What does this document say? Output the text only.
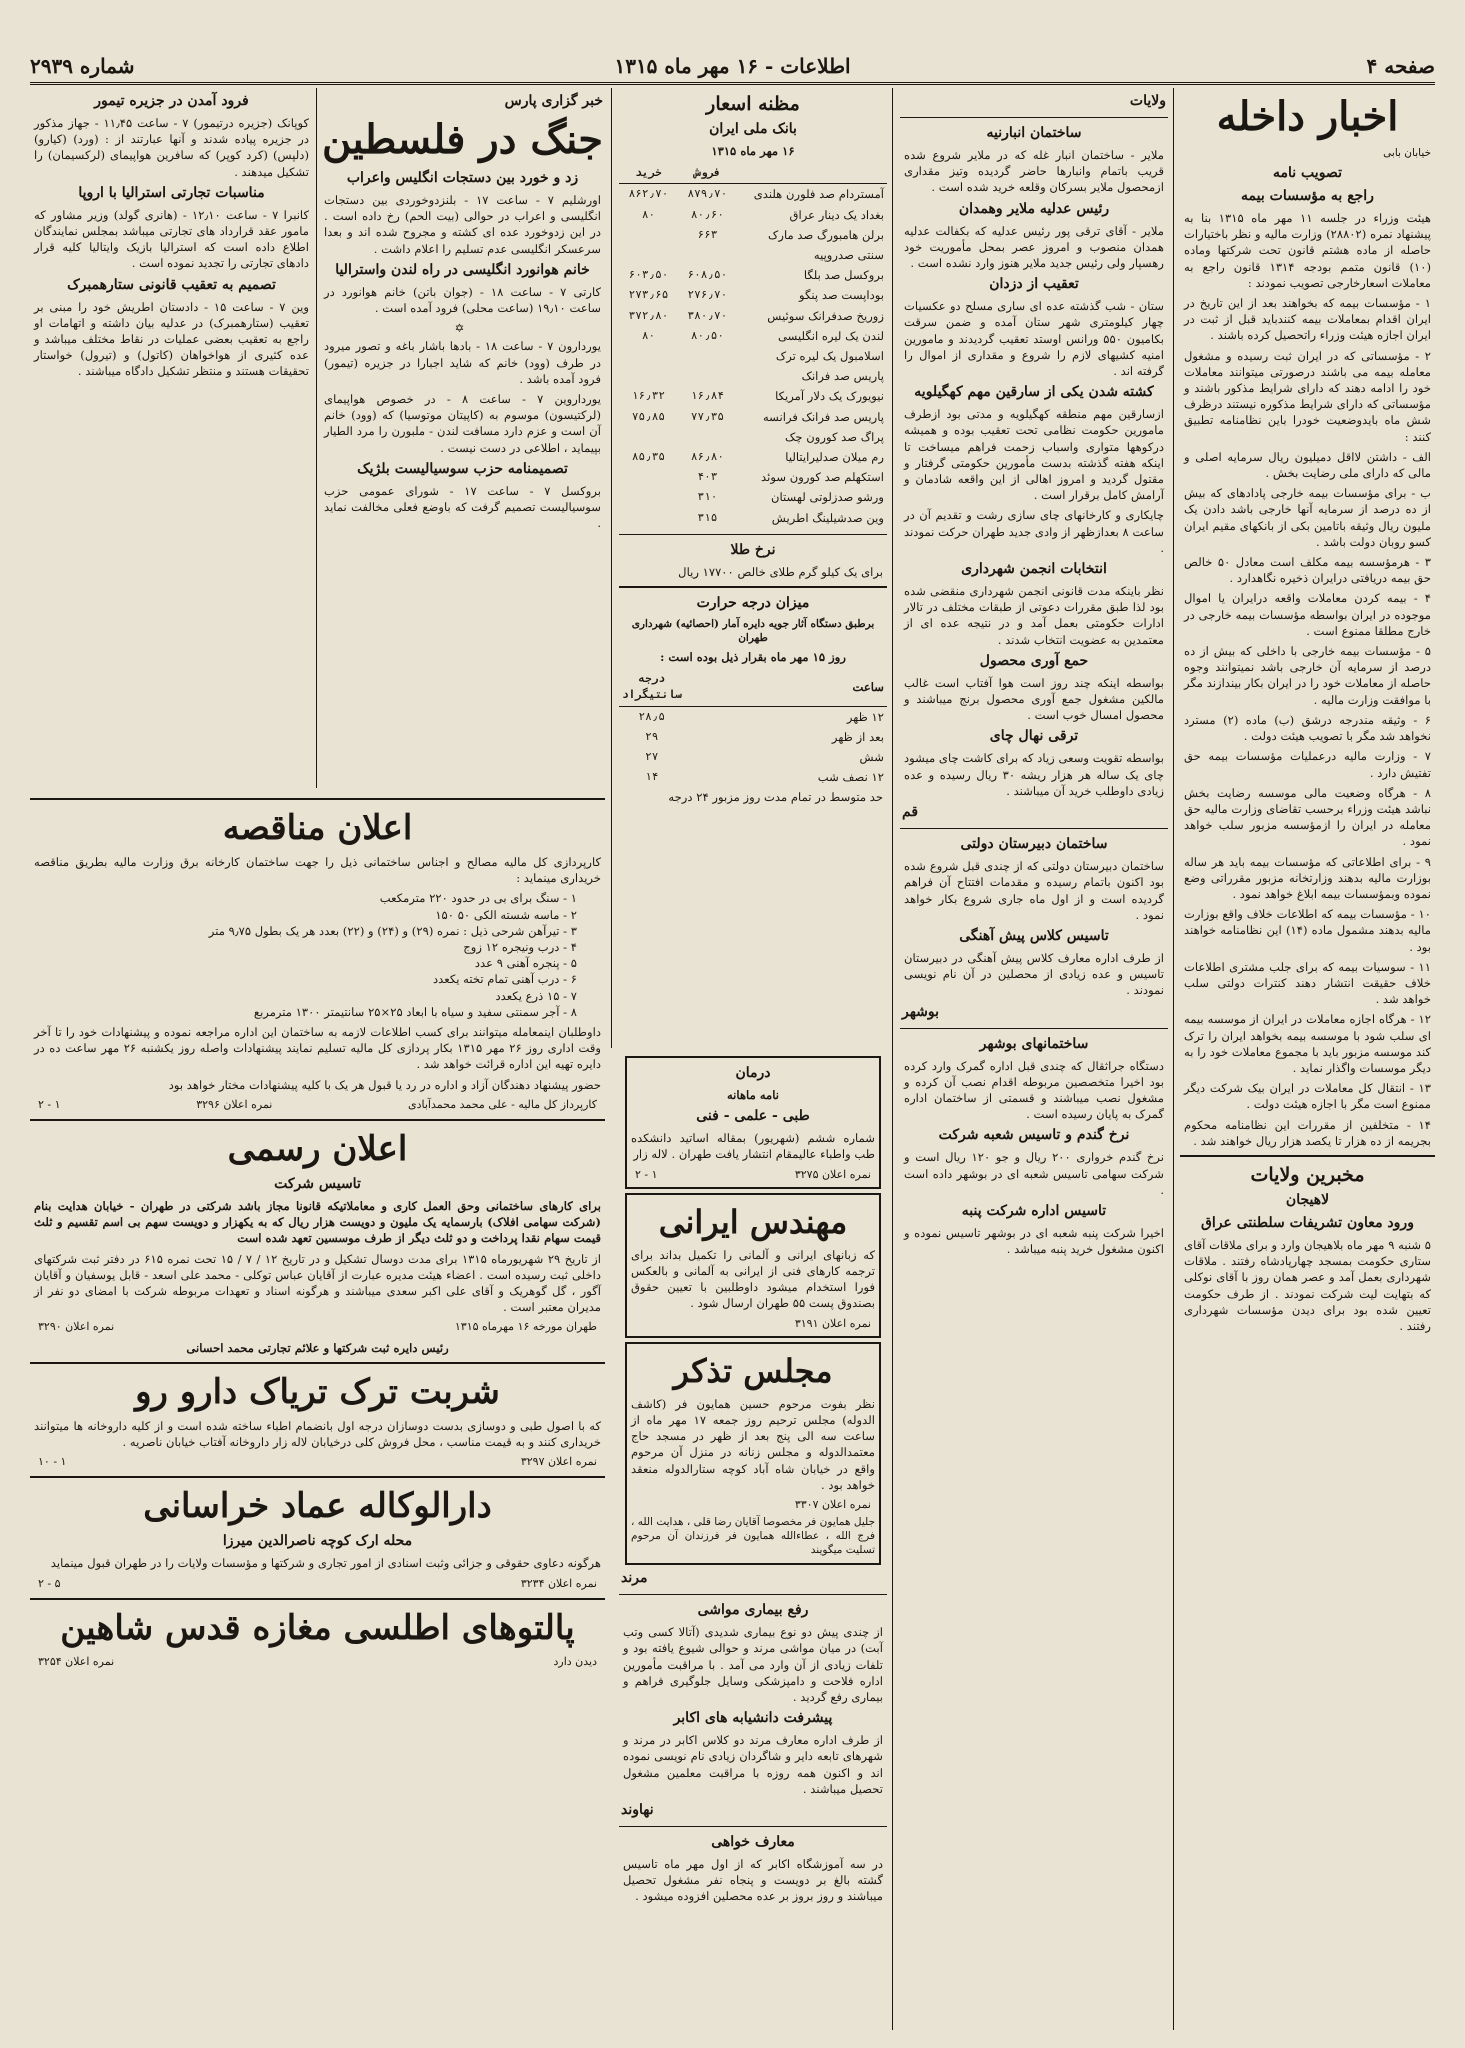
صفحه ۴
اطلاعات - ۱۶ مهر ماه ۱۳۱۵
شماره ۲۹۳۹
اخبار داخله
خیابان بابی
تصویب نامه
راجع به مؤسسات بیمه

هیئت وزراء در جلسه ۱۱ مهر ماه ۱۳۱۵ بنا به پیشنهاد نمره (۲۸۸۰۲) وزارت مالیه و نظر باختیارات حاصله از ماده هشتم قانون تحت شرکتها وماده (۱۰) قانون متمم بودجه ۱۳۱۴ قانون راجع به معاملات اسعارخارجی تصویب نمودند :

۱ - مؤسسات بیمه که بخواهند بعد از این تاریخ در ایران اقدام بمعاملات بیمه کنندباید قبل از ثبت در ایران اجازه هیئت وزراء راتحصیل کرده باشند .

۲ - مؤسساتی که در ایران ثبت رسیده و مشغول معامله بیمه می باشند درصورتی میتوانند معاملات خود را ادامه دهند که دارای شرایط مذکور باشند و مؤسساتی که دارای شرایط مذکوره نیستند درظرف شش ماه بایدوضعیت خودرا باین نظامنامه تطبیق کنند :

الف - داشتن لااقل دمیلیون ریال سرمایه اصلی و مالی که دارای ملی رضایت بخش .

ب - برای مؤسسات بیمه خارجی پادادهای که بیش از ده درصد از سرمایه آنها خارجی باشد دادن یک ملیون ریال وثیقه باتامین بکی از بانکهای مقیم ایران کسو روبان دولت باشد .

۳ - هرمؤسسه بیمه مکلف است معادل ۵۰ خالص حق بیمه دریافتی درایران ذخیره نگاهدارد .

۴ - بیمه کردن معاملات واقعه درایران یا اموال موجوده در ایران بواسطه مؤسسات بیمه خارجی در خارج مطلقا ممنوع است .

۵ - مؤسسات بیمه خارجی با داخلی که بیش از ده درصد از سرمایه آن خارجی باشد نمیتوانند وجوه حاصله از معاملات خود را در ایران بکار بیندازند مگر با موافقت وزارت مالیه .

۶ - وثیقه مندرجه درشق (ب) ماده (۲) مسترد نخواهد شد مگر با تصویب هیئت دولت .

۷ - وزارت مالیه درعملیات مؤسسات بیمه حق تفتیش دارد .

۸ - هرگاه وضعیت مالی موسسه رضایت بخش نباشد هیئت وزراء برحسب تقاضای وزارت مالیه حق معامله در ایران را ازمؤسسه مزبور سلب خواهد نمود .

۹ - برای اطلاعاتی که مؤسسات بیمه باید هر ساله بوزارت مالیه بدهند وزارتخانه مزبور مقرراتی وضع نموده وبمؤسسات بیمه ابلاغ خواهد نمود .

۱۰ - مؤسسات بیمه که اطلاعات خلاف واقع بوزارت مالیه بدهند مشمول ماده (۱۴) این نظامنامه خواهند بود .

۱۱ - سوسیات بیمه که برای جلب مشتری اطلاعات خلاف حقیقت انتشار دهند کنترات دولتی سلب خواهد شد .

۱۲ - هرگاه اجازه معاملات در ایران از موسسه بیمه ای سلب شود با موسسه بیمه بخواهد ایران را ترک کند موسسه مزبور باید با مجموع معاملات خود را به دیگر موسسات واگذار نماید .

۱۳ - انتقال کل معاملات در ایران بیک شرکت دیگر ممنوع است مگر با اجازه هیئت دولت .

۱۴ - متخلفین از مقررات این نظامنامه محکوم بجریمه از ده هزار تا یکصد هزار ریال خواهند شد .

مخبرین ولایات
لاهیجان
ورود معاون تشریفات سلطنتی عراق

۵ شنبه ۹ مهر ماه بلاهیجان وارد و برای ملاقات آقای ستاری حکومت بمسجد چهارپادشاه رفتند . ملاقات شهرداری بعمل آمد و عصر همان روز با آقای نوکلی که بتهایت لیت شرکت نمودند . از طرف حکومت تعیین شده بود برای دیدن مؤسسات شهرداری رفتند .

ولایات
ساختمان انبارنیه

ملایر - ساختمان انبار غله که در ملایر شروع شده قریب باتمام وانبارها حاضر گردیده وتیز مقداری ازمحصول ملایر بسرکان وقلعه خرید شده است .

رئیس عدلیه ملایر وهمدان

ملایر - آقای ترقی پور رئیس عدلیه که بکفالت عدلیه همدان منصوب و امروز عصر بمحل مأموریت خود رهسپار ولی رئیس جدید ملایر هنوز وارد نشده است .

تعقیب از دزدان

ستان - شب گذشته عده ای ساری مسلح دو عکسیات چهار کیلومتری شهر ستان آمده و ضمن سرقت بکامیون ۵۵۰ ورانس اوستد تعقیب گردیدند و مامورین امنیه کشیهای لازم را شروع و مقداری از اموال را گرفته اند .

کشته شدن یکی از سارقین مهم کهگیلویه

ازسارقین مهم منطقه کهگیلویه و مدتی بود ازطرف مامورین حکومت نظامی تحت تعقیب بوده و همیشه درکوهها متواری واسباب زحمت فراهم میساخت تا اینکه هفته گذشته بدست مأمورین حکومتی گرفتار و مقتول گردید و امروز اهالی از این واقعه شادمان و آرامش کامل برقرار است .

چایکاری و کارخانهای چای سازی رشت و تقدیم آن در ساعت ۸ بعدازظهر از وادی جدید طهران حرکت نمودند .

انتخابات انجمن شهرداری

نظر باینکه مدت قانونی انجمن شهرداری منقضی شده بود لذا طبق مقررات دعوتی از طبقات مختلف در تالار ادارات حکومتی بعمل آمد و در نتیجه عده ای از معتمدین به عضویت انتخاب شدند .

حمع آوری محصول

بواسطه اینکه چند روز است هوا آفتاب است غالب مالکین مشغول جمع آوری محصول برنج میباشند و محصول امسال خوب است .

ترقی نهال چای

بواسطه تقویت وسعی زیاد که برای کاشت چای میشود چای یک ساله هر هزار ریشه ۳۰ ریال رسیده و عده زیادی داوطلب خرید آن میباشند .

قم
ساختمان دبیرستان دولتی

ساختمان دبیرستان دولتی که از چندی قبل شروع شده بود اکنون باتمام رسیده و مقدمات افتتاح آن فراهم گردیده است و از اول ماه جاری شروع بکار خواهد نمود .

تاسیس کلاس پیش آهنگی

از طرف اداره معارف کلاس پیش آهنگی در دبیرستان تاسیس و عده زیادی از محصلین در آن نام نویسی نمودند .

بوشهر
ساختمانهای بوشهر

دستگاه جراثقال که چندی قبل اداره گمرک وارد کرده بود اخیرا متخصصین مربوطه اقدام نصب آن کرده و مشغول نصب میباشند و قسمتی از ساختمان اداره گمرک به پایان رسیده است .

نرخ گندم و تاسیس شعبه شرکت

نرخ گندم خرواری ۲۰۰ ریال و جو ۱۲۰ ریال است و شرکت سهامی تاسیس شعبه ای در بوشهر داده است .

تاسیس اداره شرکت پنبه

اخیرا شرکت پنبه شعبه ای در بوشهر تاسیس نموده و اکنون مشغول خرید پنبه میباشد .

مظنه اسعار
بانک ملی ایران
۱۶ مهر ماه ۱۳۱۵
	فروش	خرید
آمستردام صد فلورن هلندی	۸۷۹٫۷۰	۸۶۲٫۷۰
بغداد یک دینار عراق	۸۰٫۶۰	۸۰
برلن هامبورگ صد مارک	۶۶۳	
سنتی صدروپیه		
بروکسل صد بلگا	۶۰۸٫۵۰	۶۰۳٫۵۰
بوداپست صد پنگو	۲۷۶٫۷۰	۲۷۳٫۶۵
زوریخ صدفرانک سوئیس	۳۸۰٫۷۰	۳۷۲٫۸۰
لندن یک لیره انگلیسی	۸۰٫۵۰	۸۰
اسلامبول یک لیره ترک		
پاریس صد فرانک		
نیویورک یک دلار آمریکا	۱۶٫۸۴	۱۶٫۳۲
پاریس صد فرانک فرانسه	۷۷٫۳۵	۷۵٫۸۵
پراگ صد کورون چک		
رم میلان صدلیرایتالیا	۸۶٫۸۰	۸۵٫۳۵
استکهلم صد کورون سوئد	۴۰۳	
ورشو صدزلوتی لهستان	۳۱۰	
وین صدشیلینگ اطریش	۳۱۵	
نرخ طلا

برای یک کیلو گرم طلای خالص ۱۷۷۰۰ ریال

میزان درجه حرارت
برطبق دستگاه آثار جویه دایره آمار (احصائیه) شهرداری طهران
روز ۱۵ مهر ماه بقرار ذیل بوده است :
ساعت	درجه سانتیگراد
۱۲ ظهر	۲۸٫۵
بعد از ظهر	۲۹
شش	۲۷
۱۲ نصف شب	۱۴

حد متوسط در تمام مدت روز مزبور ۲۴ درجه

درمان
نامه ماهانه
طبی - علمی - فنی

شماره ششم (شهریور) بمقاله اساتید دانشکده طب واطباء عالیمقام انتشار یافت طهران . لاله زار

نمره اعلان ۳۲۷۵
۱ - ۲
مهندس ایرانی

که زبانهای ایرانی و آلمانی را تکمیل بداند برای ترجمه کارهای فنی از ایرانی به آلمانی و بالعکس فورا استخدام میشود داوطلبین با تعیین حقوق بصندوق پست ۵۵ طهران ارسال شود .

نمره اعلان ۳۱۹۱
مجلس تذکر

نظر بفوت مرحوم حسین همایون فر (کاشف الدوله) مجلس ترحیم روز جمعه ۱۷ مهر ماه از ساعت سه الی پنج بعد از ظهر در مسجد حاج معتمدالدوله و مجلس زنانه در منزل آن مرحوم واقع در خیابان شاه آباد کوچه ستارالدوله منعقد خواهد بود .

نمره اعلان ۳۳۰۷

جلیل همایون فر مخصوصا آقایان رضا قلی ، هدایت الله ، فرج الله ، عطاءالله همایون فر فرزندان آن مرحوم تسلیت میگویند

مرند
رفع بیماری مواشی

از چندی پیش دو نوع بیماری شدیدی (آتالا کسی وتب آبت) در میان مواشی مرند و حوالی شیوع یافته بود و تلفات زیادی از آن وارد می آمد . با مراقبت مأمورین اداره فلاحت و دامپزشکی وسایل جلوگیری فراهم و بیماری رفع گردید .

پیشرفت دانشیابه های اکابر

از طرف اداره معارف مرند دو کلاس اکابر در مرند و شهرهای تابعه دایر و شاگردان زیادی نام نویسی نموده اند و اکنون همه روزه با مراقبت معلمین مشغول تحصیل میباشند .

نهاوند
معارف خواهی

در سه آموزشگاه اکابر که از اول مهر ماه تاسیس گشته بالغ بر دویست و پنجاه نفر مشغول تحصیل میباشند و روز بروز بر عده محصلین افزوده میشود .

خبر گزاری پارس
جنگ در فلسطین
زد و خورد بین دستجات انگلیس واعراب

اورشلیم ۷ - ساعت ۱۷ - بلنزدوخوردی بین دستجات انگلیسی و اعراب در حوالی (بیت الحم) رخ داده است . در این زدوخورد عده ای کشته و مجروح شده اند و بعدا سرعسکر انگلیسی عدم تسلیم را اعلام داشت .

خانم هوانورد انگلیسی در راه لندن واسترالیا

کارتی ۷ - ساعت ۱۸ - (جوان باتن) خانم هوانورد در ساعت ۱۹٫۱۰ (ساعت محلی) فرود آمده است .

✡

یوردارون ۷ - ساعت ۱۸ - بادها باشار باغه و تصور میرود در طرف (وود) خانم که شاید اجبارا در جزیره (تیمور) فرود آمده باشد .

یورداروین ۷ - ساعت ۸ - در خصوص هواپیمای (لرکتیسون) موسوم به (کاپیتان موتوسیا) که (وود) خانم آن است و عزم دارد مسافت لندن - ملبورن را مرد الطیار بپیماید ، اطلاعی در دست نیست .

تصمیمنامه حزب سوسیالیست بلژیک

بروکسل ۷ - ساعت ۱۷ - شورای عمومی حزب سوسیالیست تصمیم گرفت که باوضع فعلی مخالفت نماید .

فرود آمدن در جزیره تیمور

کوپانک (جزیره درتیمور) ۷ - ساعت ۱۱٫۴۵ - جهاز مذکور در جزیره پیاده شدند و آنها عبارتند از : (ورد) (کیارو) (دلپس) (کرد کوپر) که سافرین هواپیمای (لرکسیمان) را تشکیل میدهند .

مناسبات تجارتی استرالیا با اروپا

کانبرا ۷ - ساعت ۱۲٫۱۰ - (هانری گولد) وزیر مشاور که مامور عقد قرارداد های تجارتی میباشد بمجلس نمایندگان اطلاع داده است که استرالیا بازیک وایتالیا کلیه قرار دادهای تجارتی را تجدید نموده است .

تصمیم به تعقیب قانونی ستارهمبرک

وین ۷ - ساعت ۱۵ - دادستان اطریش خود را مبنی بر تعقیب (ستارهمبرک) در عدلیه بیان داشته و اتهامات او راجع به تعقیب بعضی عملیات در نقاط مختلف میباشد و عده کثیری از هواخواهان (کاتول) و (تیرول) خواستار تحقیقات هستند و منتظر تشکیل دادگاه میباشند .

اعلان مناقصه

کارپردازی کل مالیه مصالح و اجناس ساختمانی ذیل را جهت ساختمان کارخانه برق وزارت مالیه بطریق مناقصه خریداری مینماید :

۱ - سنگ برای بی در حدود ۲۲۰ مترمکعب
۲ - ماسه شسته الکی ۵۰ ۱۵۰
۳ - تیرآهن شرحی ذیل : نمره (۲۹) و (۲۴) و (۲۲) بعدد هر یک بطول ۹٫۷۵ متر
۴ - درب ونیجره ۱۲ زوج
۵ - پنجره آهنی ۹ عدد
۶ - درب آهنی تمام تخته یکعدد
۷ - ۱۵ ذرع یکعدد
۸ - آجر سمنتی سفید و سیاه با ابعاد ۲۵×۲۵ سانتیمتر ۱۳۰۰ مترمربع

داوطلبان اینمعامله میتوانند برای کسب اطلاعات لازمه به ساختمان این اداره مراجعه نموده و پیشنهادات خود را تا آخر وقت اداری روز ۲۶ مهر ۱۳۱۵ بکار پردازی کل مالیه تسلیم نمایند پیشنهادات واصله روز یکشنبه ۲۶ مهر ساعت ده در دایره تهیه این اداره قرائت خواهد شد .

حضور پیشنهاد دهندگان آزاد و اداره در رد یا قبول هر یک با کلیه پیشنهادات مختار خواهد بود

کارپرداز کل مالیه - علی محمد محمدآبادی
نمره اعلان ۳۲۹۶
۱ - ۲
اعلان رسمی
تاسیس شرکت

برای کارهای ساختمانی وحق العمل کاری و معاملاتیکه قانونا مجاز باشد شرکتی در طهران - خیابان هدایت بنام (شرکت سهامی افلاک) بارسمایه یک ملیون و دویست هزار ریال که به یکهزار و دویست سهم بی اسم تقسیم و ثلث قیمت سهام نقدا پرداخت و دو ثلث دیگر از طرف موسسین تعهد شده است

از تاریخ ۲۹ شهریورماه ۱۳۱۵ برای مدت دوسال تشکیل و در تاریخ ۱۲ / ۷ / ۱۵ تحت نمره ۶۱۵ در دفتر ثبت شرکتهای داخلی ثبت رسیده است . اعضاء هیئت مدیره عبارت از آقایان عباس توکلی - محمد علی اسعد - قابل یوسفیان و آقایان آگور ، گل گوهریک و آقای علی اکبر سعدی میباشند و هرگونه اسناد و تعهدات مربوطه شرکت با امضای دو نفر از مدیران معتبر است .

طهران مورخه ۱۶ مهرماه ۱۳۱۵
نمره اعلان ۳۲۹۰
رئیس دایره ثبت شرکتها و علائم تجارتی محمد احسانی
شربت ترک تریاک دارو رو

که با اصول طبی و دوسازی بدست دوسازان درجه اول بانضمام اطباء ساخته شده است و از کلیه داروخانه ها میتوانند خریداری کنند و به قیمت مناسب ، محل فروش کلی درخیابان لاله زار داروخانه آفتاب خیابان ناصریه .

نمره اعلان ۳۲۹۷
۱ - ۱۰
دارالوکاله عماد خراسانی
محله ارک کوچه ناصرالدین میرزا

هرگونه دعاوی حقوقی و جزائی وثبت اسنادی از امور تجاری و شرکتها و مؤسسات ولایات را در طهران قبول مینماید

نمره اعلان ۳۲۳۴
۵ - ۲
پالتوهای اطلسی مغازه قدس شاهین
دیدن دارد
نمره اعلان ۳۲۵۴
